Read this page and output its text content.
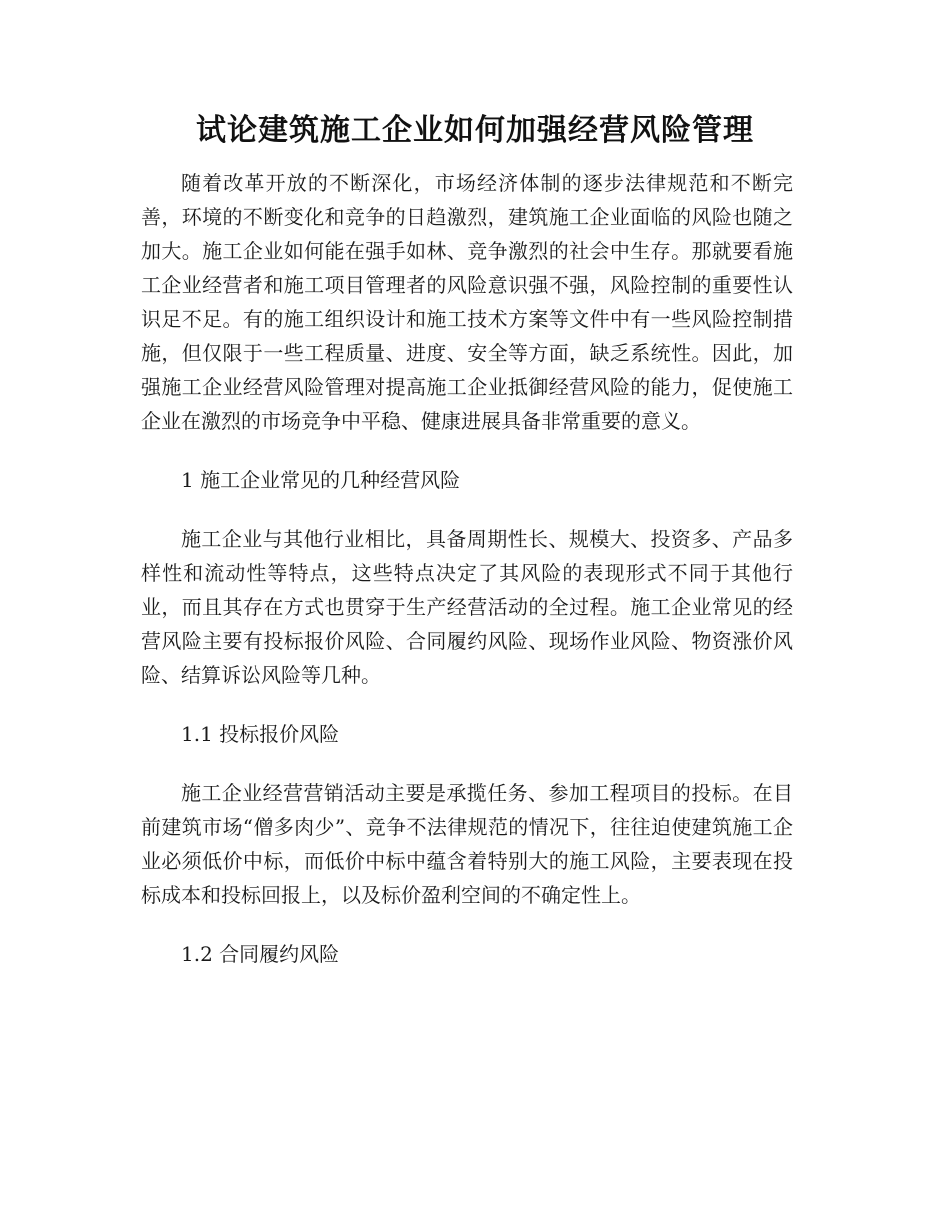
试论建筑施工企业如何加强经营风险管理

随着改革开放的不断深化，市场经济体制的逐步法律规范和不断完善，环境的不断变化和竞争的日趋激烈，建筑施工企业面临的风险也随之加大。施工企业如何能在强手如林、竞争激烈的社会中生存。那就要看施工企业经营者和施工项目管理者的风险意识强不强，风险控制的重要性认识足不足。有的施工组织设计和施工技术方案等文件中有一些风险控制措施，但仅限于一些工程质量、进度、安全等方面，缺乏系统性。因此，加强施工企业经营风险管理对提高施工企业抵御经营风险的能力，促使施工企业在激烈的市场竞争中平稳、健康进展具备非常重要的意义。

1 施工企业常见的几种经营风险

施工企业与其他行业相比，具备周期性长、规模大、投资多、产品多样性和流动性等特点，这些特点决定了其风险的表现形式不同于其他行业，而且其存在方式也贯穿于生产经营活动的全过程。施工企业常见的经营风险主要有投标报价风险、合同履约风险、现场作业风险、物资涨价风险、结算诉讼风险等几种。

1.1 投标报价风险

施工企业经营营销活动主要是承揽任务、参加工程项目的投标。在目前建筑市场“僧多肉少”、竞争不法律规范的情况下，往往迫使建筑施工企业必须低价中标，而低价中标中蕴含着特别大的施工风险，主要表现在投标成本和投标回报上，以及标价盈利空间的不确定性上。

1.2 合同履约风险
